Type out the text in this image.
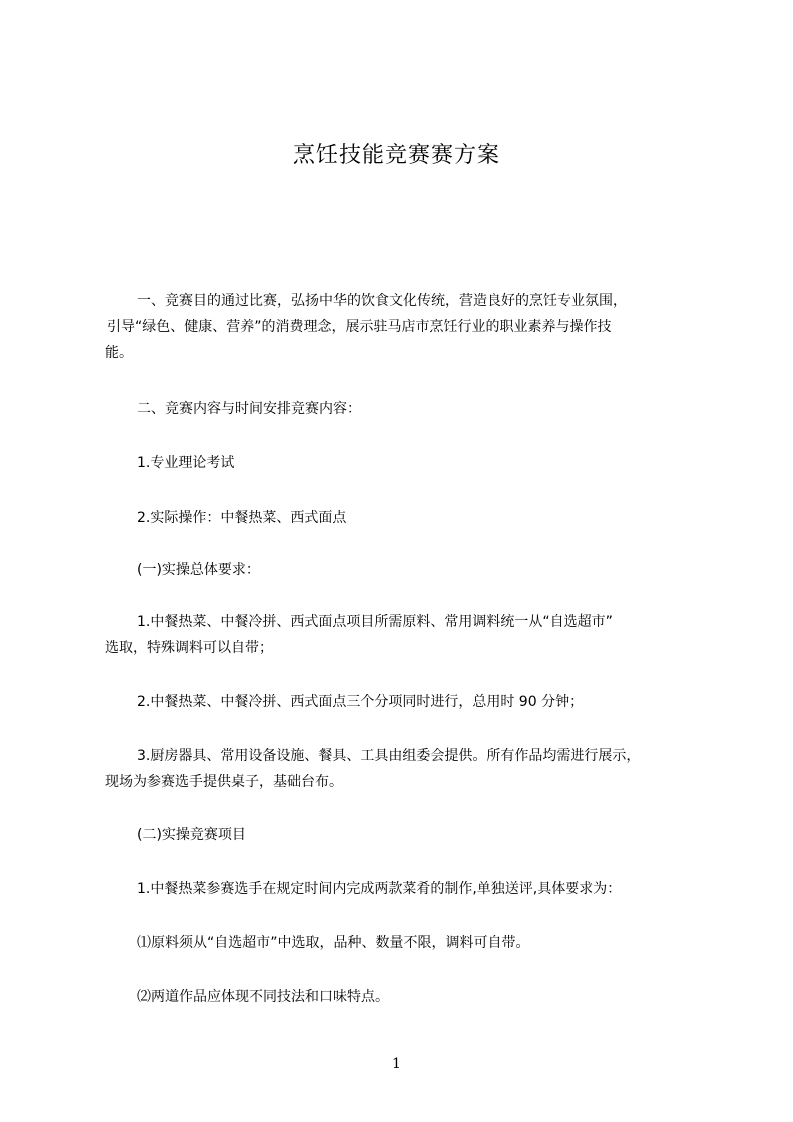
烹饪技能竞赛赛方案

一、竞赛目的通过比赛，弘扬中华的饮食文化传统，营造良好的烹饪专业氛围，

引导“绿色、健康、营养”的消费理念，展示驻马店市烹饪行业的职业素养与操作技

能。

二、竞赛内容与时间安排竞赛内容：

1.专业理论考试

2.实际操作：中餐热菜、西式面点

(一)实操总体要求：

1.中餐热菜、中餐冷拼、西式面点项目所需原料、常用调料统一从“自选超市”

选取，特殊调料可以自带；

2.中餐热菜、中餐冷拼、西式面点三个分项同时进行，总用时 90 分钟；

3.厨房器具、常用设备设施、餐具、工具由组委会提供。所有作品均需进行展示，

现场为参赛选手提供桌子，基础台布。

(二)实操竞赛项目

1.中餐热菜参赛选手在规定时间内完成两款菜肴的制作,单独送评,具体要求为：

⑴原料须从“自选超市”中选取，品种、数量不限，调料可自带。

⑵两道作品应体现不同技法和口味特点。

1
